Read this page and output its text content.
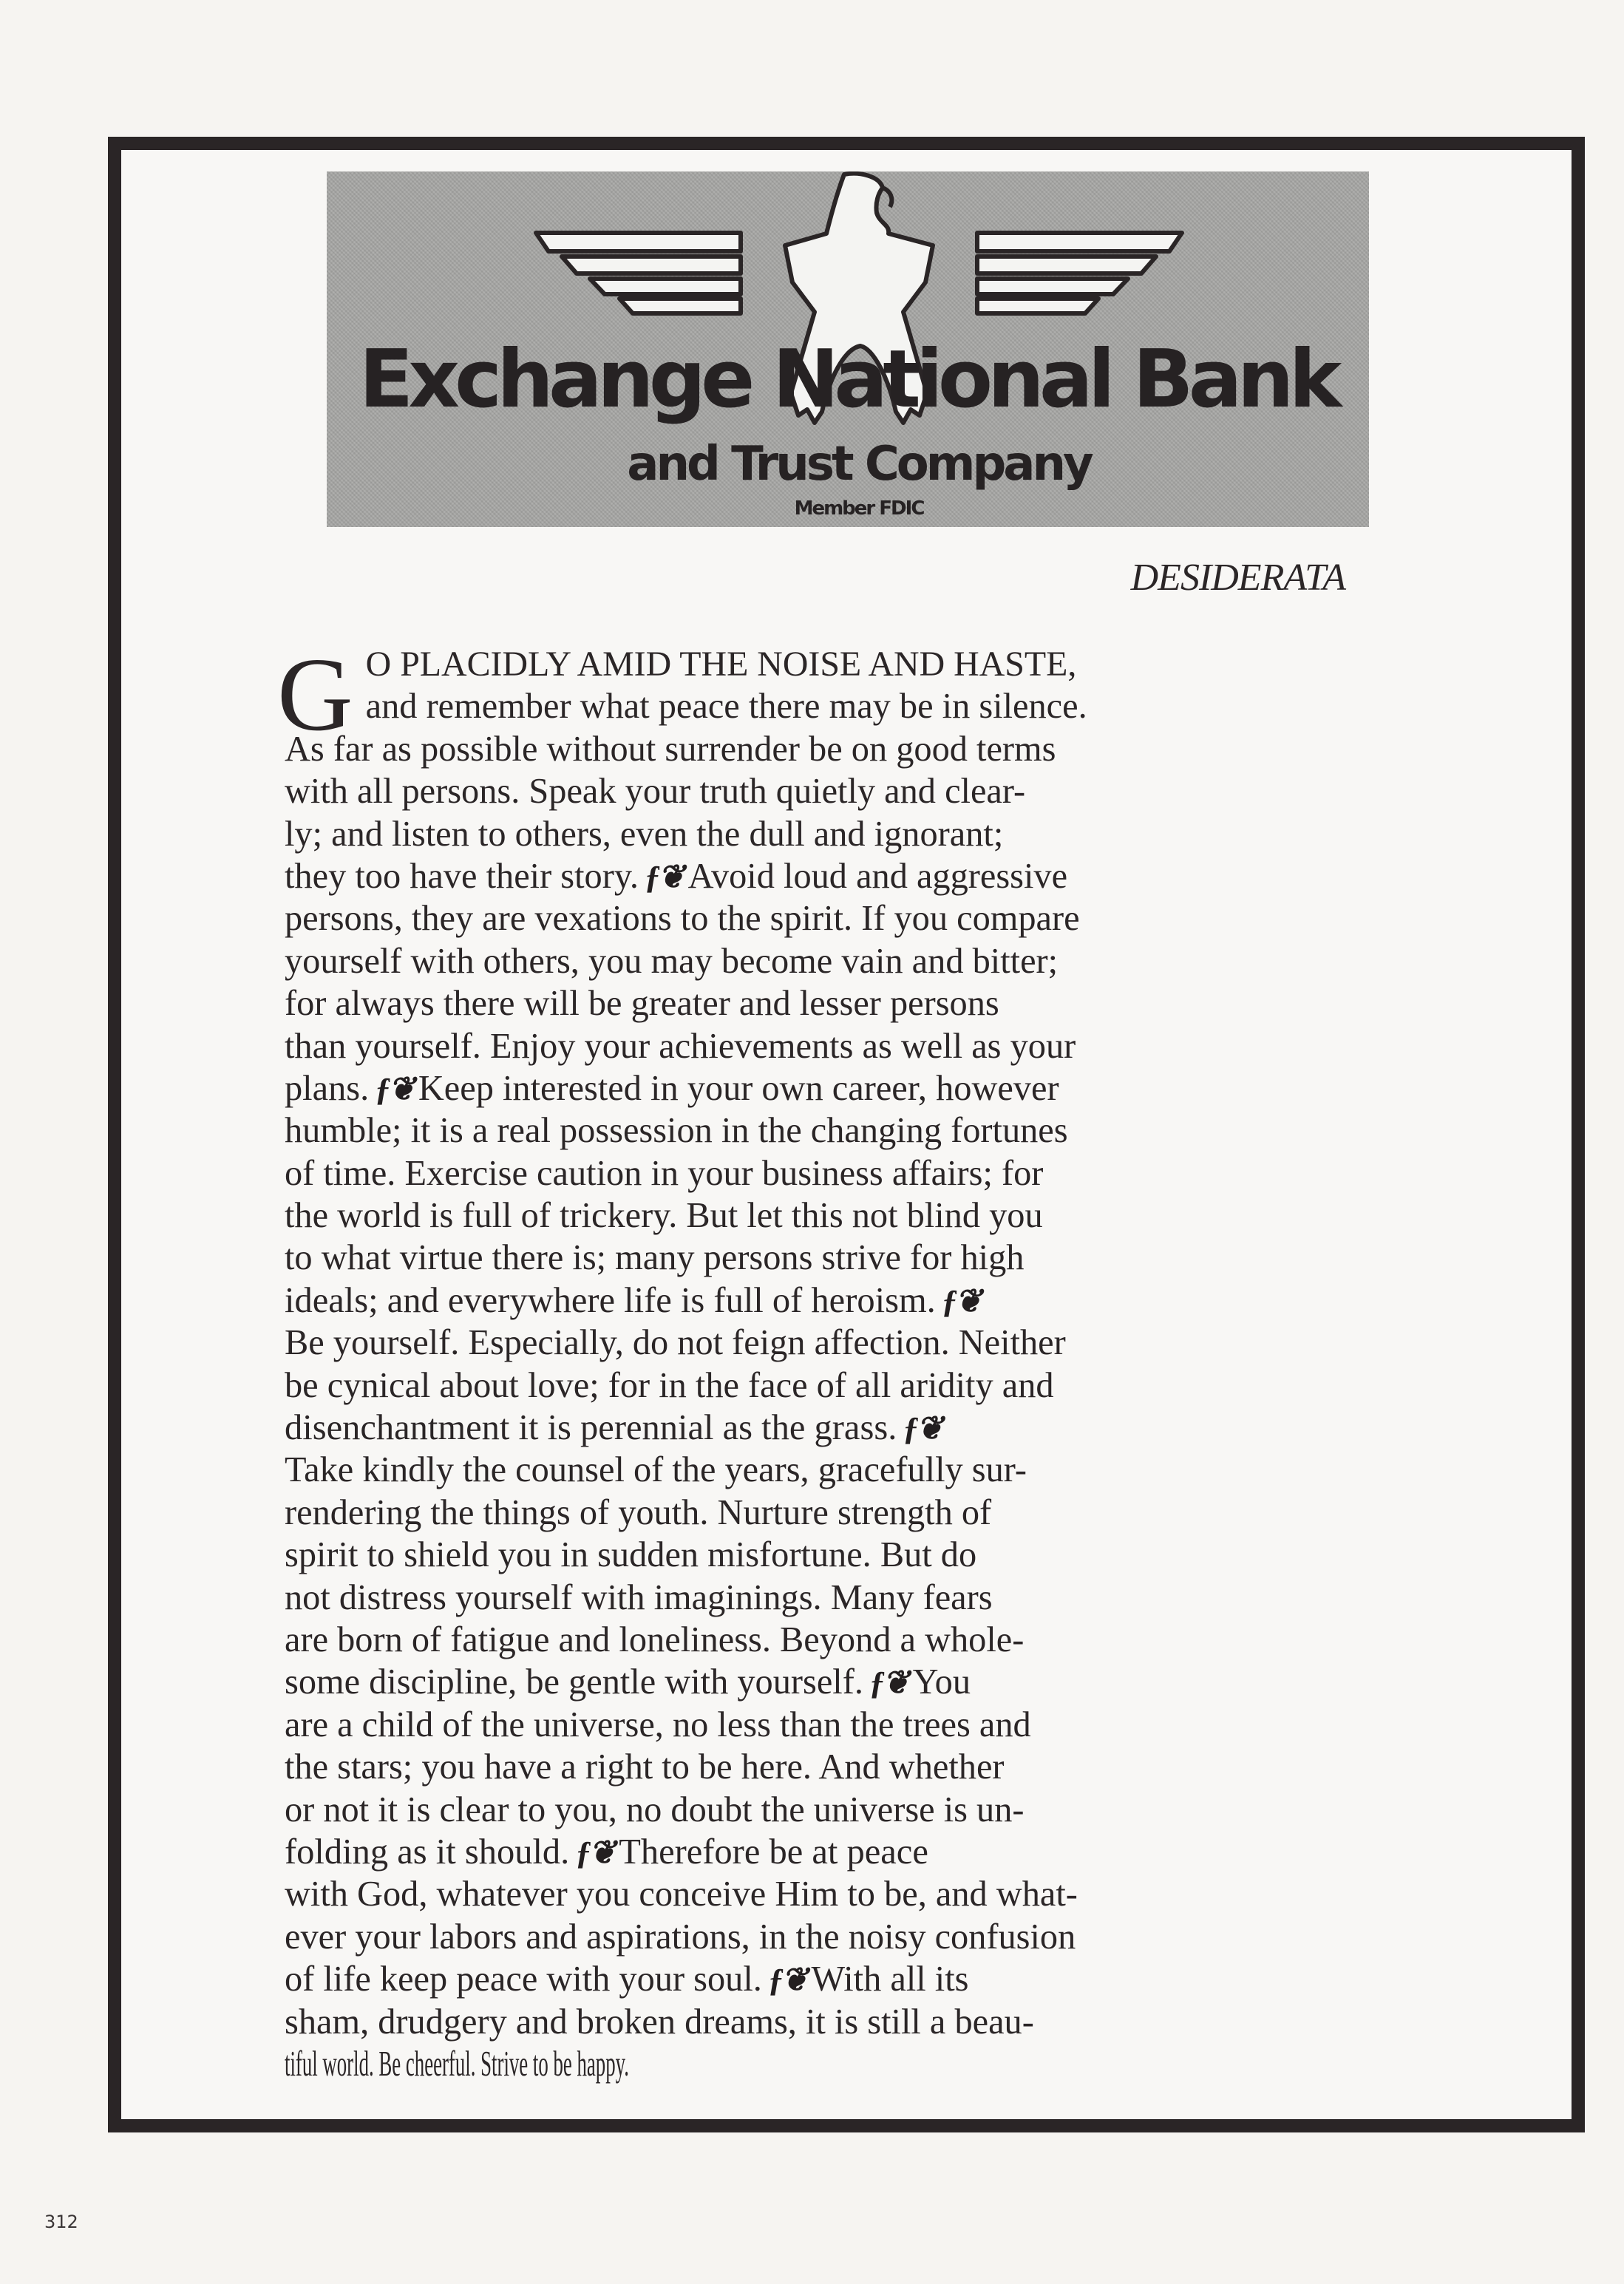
Exchange National Bank
and Trust Company
Member FDIC
DESIDERATA
G O PLACIDLY AMID THE NOISE AND HASTE,
and remember what peace there may be in silence.
As far as possible without surrender be on good terms
with all persons. Speak your truth quietly and clear-
ly; and listen to others, even the dull and ignorant;
they too have their story. ƒ❦ Avoid loud and aggressive
persons, they are vexations to the spirit. If you compare
yourself with others, you may become vain and bitter;
for always there will be greater and lesser persons
than yourself. Enjoy your achievements as well as your
plans. ƒ❦ Keep interested in your own career, however
humble; it is a real possession in the changing fortunes
of time. Exercise caution in your business affairs; for
the world is full of trickery. But let this not blind you
to what virtue there is; many persons strive for high
ideals; and everywhere life is full of heroism. ƒ❦
Be yourself. Especially, do not feign affection. Neither
be cynical about love; for in the face of all aridity and
disenchantment it is perennial as the grass. ƒ❦
Take kindly the counsel of the years, gracefully sur-
rendering the things of youth. Nurture strength of
spirit to shield you in sudden misfortune. But do
not distress yourself with imaginings. Many fears
are born of fatigue and loneliness. Beyond a whole-
some discipline, be gentle with yourself. ƒ❦ You
are a child of the universe, no less than the trees and
the stars; you have a right to be here. And whether
or not it is clear to you, no doubt the universe is un-
folding as it should. ƒ❦ Therefore be at peace
with God, whatever you conceive Him to be, and what-
ever your labors and aspirations, in the noisy confusion
of life keep peace with your soul. ƒ❦ With all its
sham, drudgery and broken dreams, it is still a beau-
tiful world. Be cheerful. Strive to be happy.
312
